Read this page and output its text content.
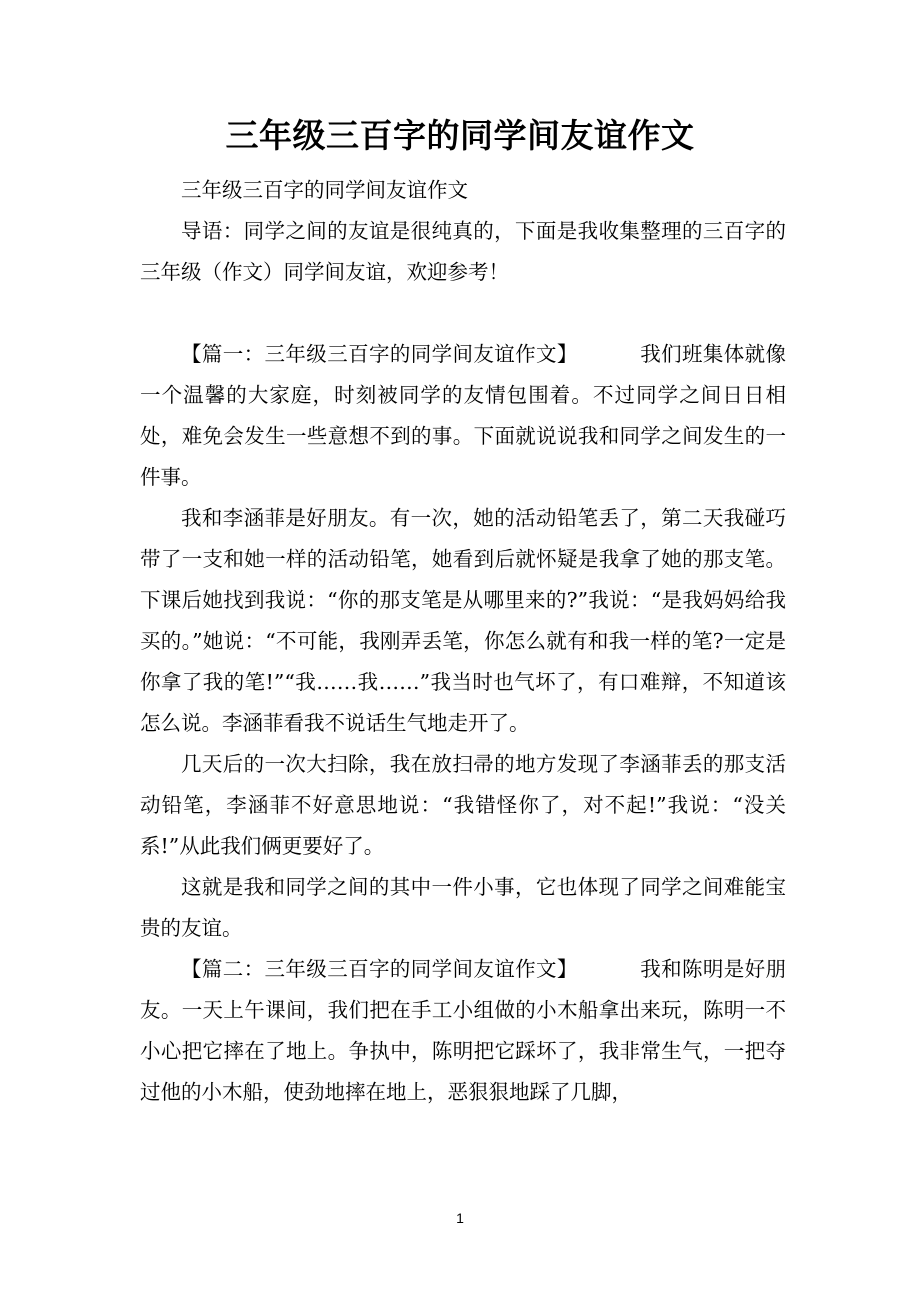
三年级三百字的同学间友谊作文

三年级三百字的同学间友谊作文

导语：同学之间的友谊是很纯真的，下面是我收集整理的三百字的三年级（作文）同学间友谊，欢迎参考！

【篇一：三年级三百字的同学间友谊作文】	我们班集体就像一个温馨的大家庭，时刻被同学的友情包围着。不过同学之间日日相处，难免会发生一些意想不到的事。下面就说说我和同学之间发生的一件事。

我和李涵菲是好朋友。有一次，她的活动铅笔丢了，第二天我碰巧带了一支和她一样的活动铅笔，她看到后就怀疑是我拿了她的那支笔。下课后她找到我说：“你的那支笔是从哪里来的?”我说：“是我妈妈给我买的。”她说：“不可能，我刚弄丢笔，你怎么就有和我一样的笔?一定是你拿了我的笔!”“我……我……”我当时也气坏了，有口难辩，不知道该怎么说。李涵菲看我不说话生气地走开了。

几天后的一次大扫除，我在放扫帚的地方发现了李涵菲丢的那支活动铅笔，李涵菲不好意思地说：“我错怪你了，对不起!”我说：“没关系!”从此我们俩更要好了。

这就是我和同学之间的其中一件小事，它也体现了同学之间难能宝贵的友谊。

【篇二：三年级三百字的同学间友谊作文】	我和陈明是好朋友。一天上午课间，我们把在手工小组做的小木船拿出来玩，陈明一不小心把它摔在了地上。争执中，陈明把它踩坏了，我非常生气，一把夺过他的小木船，使劲地摔在地上，恶狠狠地踩了几脚，

1
